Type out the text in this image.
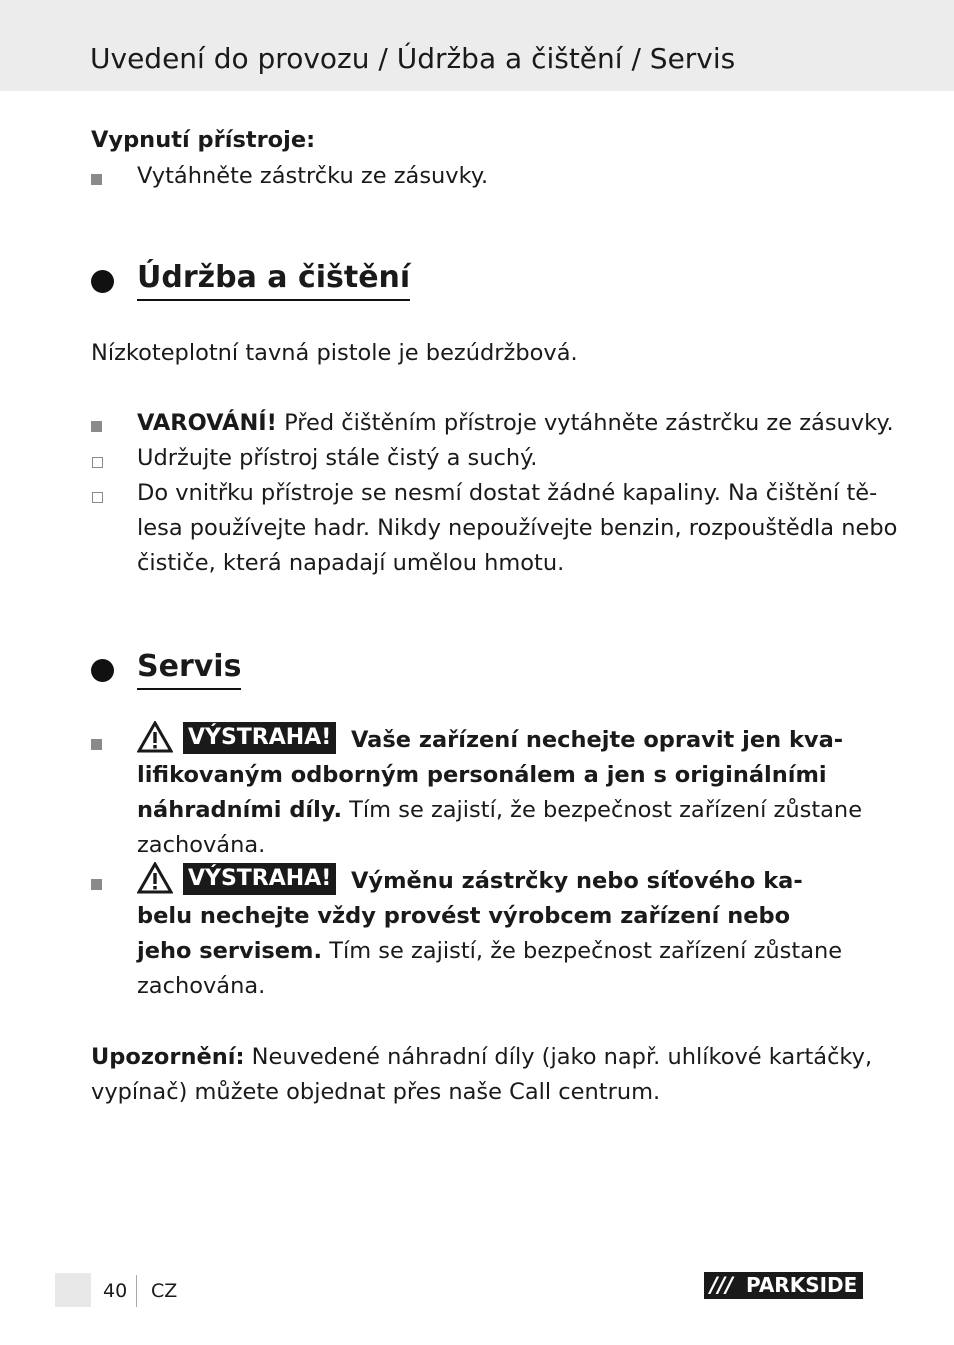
Uvedení do provozu / Údržba a čištění / Servis
Vypnutí přístroje:
Vytáhněte zástrčku ze zásuvky.
Údržba a čištění
Nízkoteplotní tavná pistole je bezúdržbová.
VAROVÁNÍ! Před čištěním přístroje vytáhněte zástrčku ze zásuvky.
Udržujte přístroj stále čistý a suchý.
Do vnitřku přístroje se nesmí dostat žádné kapaliny. Na čištění tě-
lesa používejte hadr. Nikdy nepoužívejte benzin, rozpouštědla nebo
čističe, která napadají umělou hmotu.
Servis
VÝSTRAHA! Vaše zařízení nechejte opravit jen kva-
lifikovaným odborným personálem a jen s originálními
náhradními díly. Tím se zajistí, že bezpečnost zařízení zůstane
zachována.
VÝSTRAHA! Výměnu zástrčky nebo síťového ka-
belu nechejte vždy provést výrobcem zařízení nebo
jeho servisem. Tím se zajistí, že bezpečnost zařízení zůstane
zachována.
Upozornění: Neuvedené náhradní díly (jako např. uhlíkové kartáčky,
vypínač) můžete objednat přes naše Call centrum.
40 CZ	/// PARKSIDE
